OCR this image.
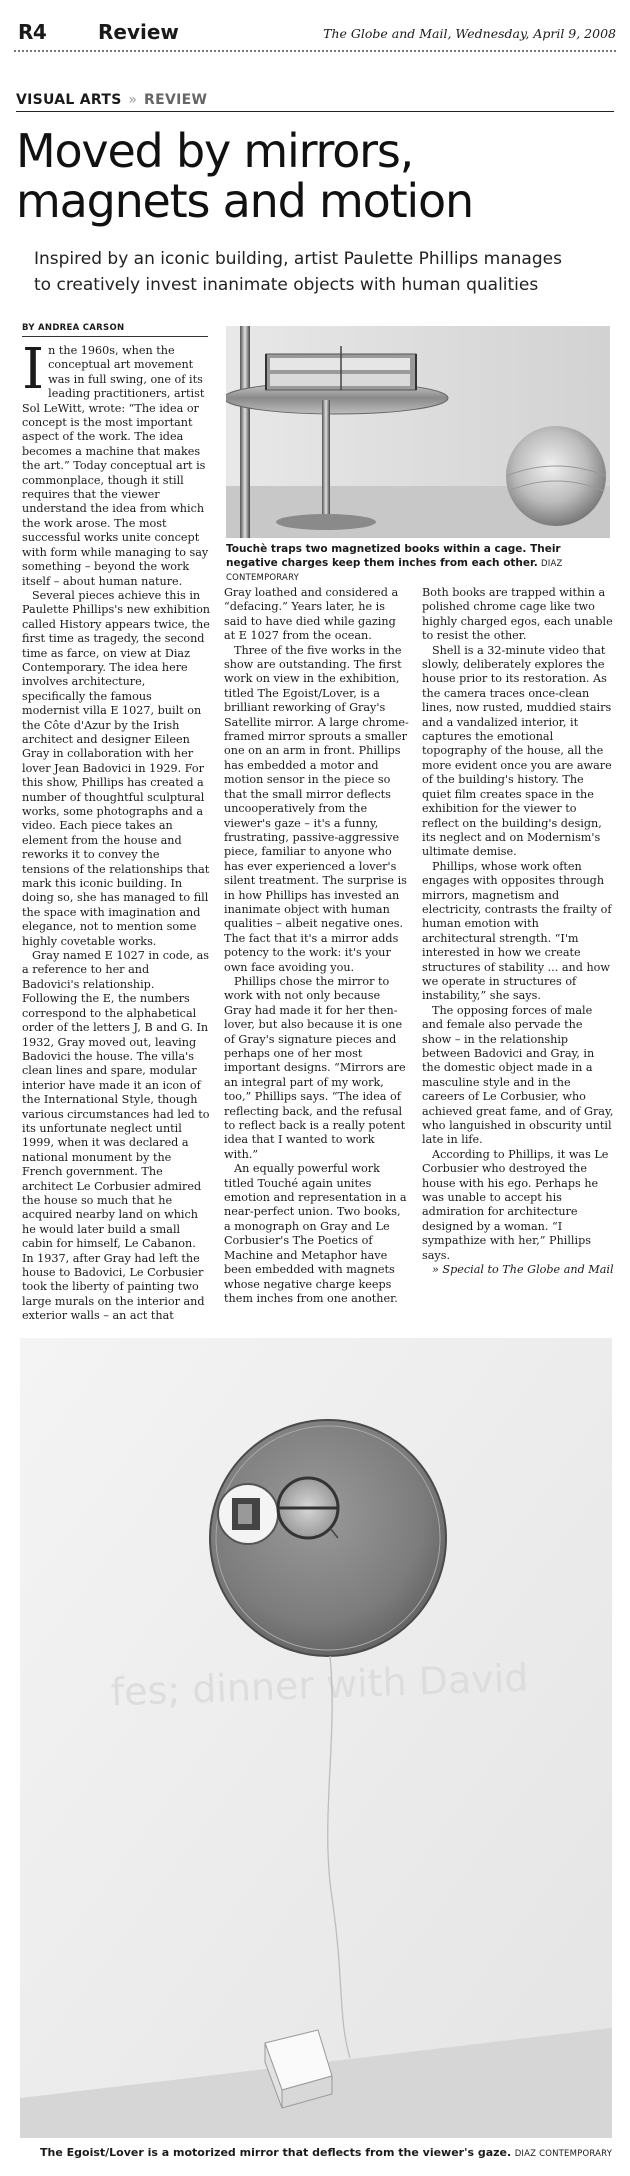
R4	Review	The Globe and Mail, Wednesday, April 9, 2008
VISUAL ARTS » REVIEW
Moved by mirrors,
magnets and motion
Inspired by an iconic building, artist Paulette Phillips manages
to creatively invest inanimate objects with human qualities
BY ANDREA CARSON

In the 1960s, when the conceptual art movement was in full swing, one of its leading practitioners, artist Sol LeWitt, wrote: “The idea or concept is the most important aspect of the work. The idea becomes a machine that makes the art.” Today conceptual art is commonplace, though it still requires that the viewer understand the idea from which the work arose. The most successful works unite concept with form while managing to say something – beyond the work itself – about human nature.

Several pieces achieve this in Paulette Phillips's new exhibition called History appears twice, the first time as tragedy, the second time as farce, on view at Diaz Contemporary. The idea here involves architecture, specifically the famous modernist villa E 1027, built on the Côte d'Azur by the Irish architect and designer Eileen Gray in collaboration with her lover Jean Badovici in 1929. For this show, Phillips has created a number of thoughtful sculptural works, some photographs and a video. Each piece takes an element from the house and reworks it to convey the tensions of the relationships that mark this iconic building. In doing so, she has managed to fill the space with imagination and elegance, not to mention some highly covetable works.

Gray named E 1027 in code, as a reference to her and Badovici's relationship. Following the E, the numbers correspond to the alphabetical order of the letters J, B and G. In 1932, Gray moved out, leaving Badovici the house. The villa's clean lines and spare, modular interior have made it an icon of the International Style, though various circumstances had led to its unfortunate neglect until 1999, when it was declared a national monument by the French government. The architect Le Corbusier admired the house so much that he acquired nearby land on which he would later build a small cabin for himself, Le Cabanon. In 1937, after Gray had left the house to Badovici, Le Corbusier took the liberty of painting two large murals on the interior and exterior walls – an act that

Touchè traps two magnetized books within a cage. Their negative charges keep them inches from each other. DIAZ CONTEMPORARY

Gray loathed and considered a “defacing.” Years later, he is said to have died while gazing at E 1027 from the ocean.

Three of the five works in the show are outstanding. The first work on view in the exhibition, titled The Egoist/Lover, is a brilliant reworking of Gray's Satellite mirror. A large chrome-framed mirror sprouts a smaller one on an arm in front. Phillips has embedded a motor and motion sensor in the piece so that the small mirror deflects uncooperatively from the viewer's gaze – it's a funny, frustrating, passive-aggressive piece, familiar to anyone who has ever experienced a lover's silent treatment. The surprise is in how Phillips has invested an inanimate object with human qualities – albeit negative ones. The fact that it's a mirror adds potency to the work: it's your own face avoiding you.

Phillips chose the mirror to work with not only because Gray had made it for her then-lover, but also because it is one of Gray's signature pieces and perhaps one of her most important designs. “Mirrors are an integral part of my work, too,” Phillips says. “The idea of reflecting back, and the refusal to reflect back is a really potent idea that I wanted to work with.”

An equally powerful work titled Touché again unites emotion and representation in a near-perfect union. Two books, a monograph on Gray and Le Corbusier's The Poetics of Machine and Metaphor have been embedded with magnets whose negative charge keeps them inches from one another.

Both books are trapped within a polished chrome cage like two highly charged egos, each unable to resist the other.

Shell is a 32-minute video that slowly, deliberately explores the house prior to its restoration. As the camera traces once-clean lines, now rusted, muddied stairs and a vandalized interior, it captures the emotional topography of the house, all the more evident once you are aware of the building's history. The quiet film creates space in the exhibition for the viewer to reflect on the building's design, its neglect and on Modernism's ultimate demise.

Phillips, whose work often engages with opposites through mirrors, magnetism and electricity, contrasts the frailty of human emotion with architectural strength. “I'm interested in how we create structures of stability ... and how we operate in structures of instability,” she says.

The opposing forces of male and female also pervade the show – in the relationship between Badovici and Gray, in the domestic object made in a masculine style and in the careers of Le Corbusier, who achieved great fame, and of Gray, who languished in obscurity until late in life.

According to Phillips, it was Le Corbusier who destroyed the house with his ego. Perhaps he was unable to accept his admiration for architecture designed by a woman. “I sympathize with her,” Phillips says.

» Special to The Globe and Mail

fes; dinner with David
The Egoist/Lover is a motorized mirror that deflects from the viewer's gaze. DIAZ CONTEMPORARY
